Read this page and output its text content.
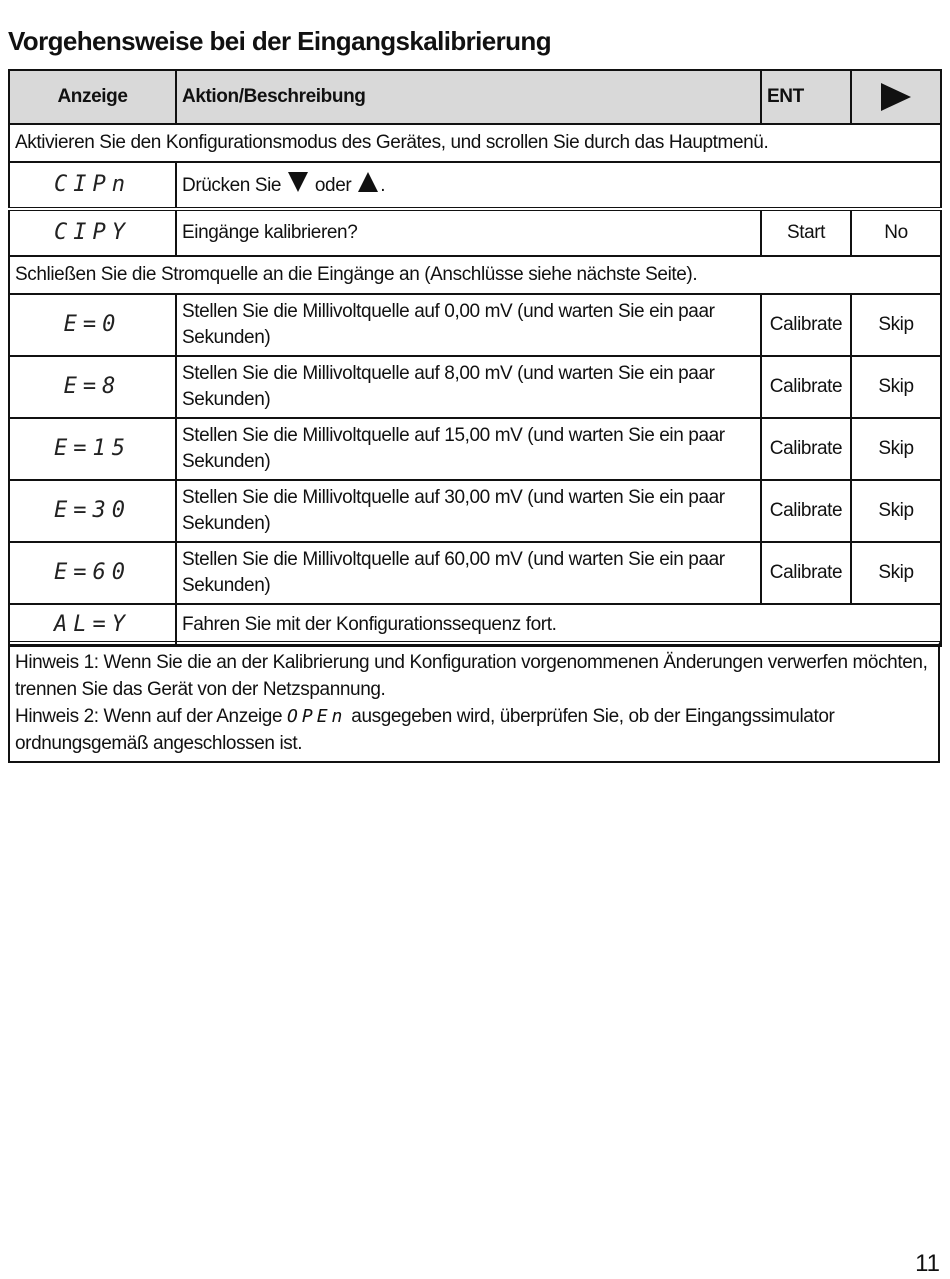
Vorgehensweise bei der Eingangskalibrierung
Anzeige	Aktion/Beschreibung	ENT	
Aktivieren Sie den Konfigurationsmodus des Gerätes, und scrollen Sie durch das Hauptmenü.			
CIPn	Drücken Sie oder .		
CIPY	Eingänge kalibrieren?	Start	No
Schließen Sie die Stromquelle an die Eingänge an (Anschlüsse siehe nächste Seite).			
E=0	Stellen Sie die Millivoltquelle auf 0,00 mV (und warten Sie ein paar Sekunden)	Calibrate	Skip
E=8	Stellen Sie die Millivoltquelle auf 8,00 mV (und warten Sie ein paar Sekunden)	Calibrate	Skip
E=15	Stellen Sie die Millivoltquelle auf 15,00 mV (und warten Sie ein paar Sekunden)	Calibrate	Skip
E=30	Stellen Sie die Millivoltquelle auf 30,00 mV (und warten Sie ein paar Sekunden)	Calibrate	Skip
E=60	Stellen Sie die Millivoltquelle auf 60,00 mV (und warten Sie ein paar Sekunden)	Calibrate	Skip
AL=Y	Fahren Sie mit der Konfigurationssequenz fort.		
Hinweis 1: Wenn Sie die an der Kalibrierung und Konfiguration vorgenommenen Änderungen verwerfen möchten, trennen Sie das Gerät von der Netzspannung.
Hinweis 2: Wenn auf der Anzeige OPEn ausgegeben wird, überprüfen Sie, ob der Eingangssimulator ordnungsgemäß angeschlossen ist.
11
